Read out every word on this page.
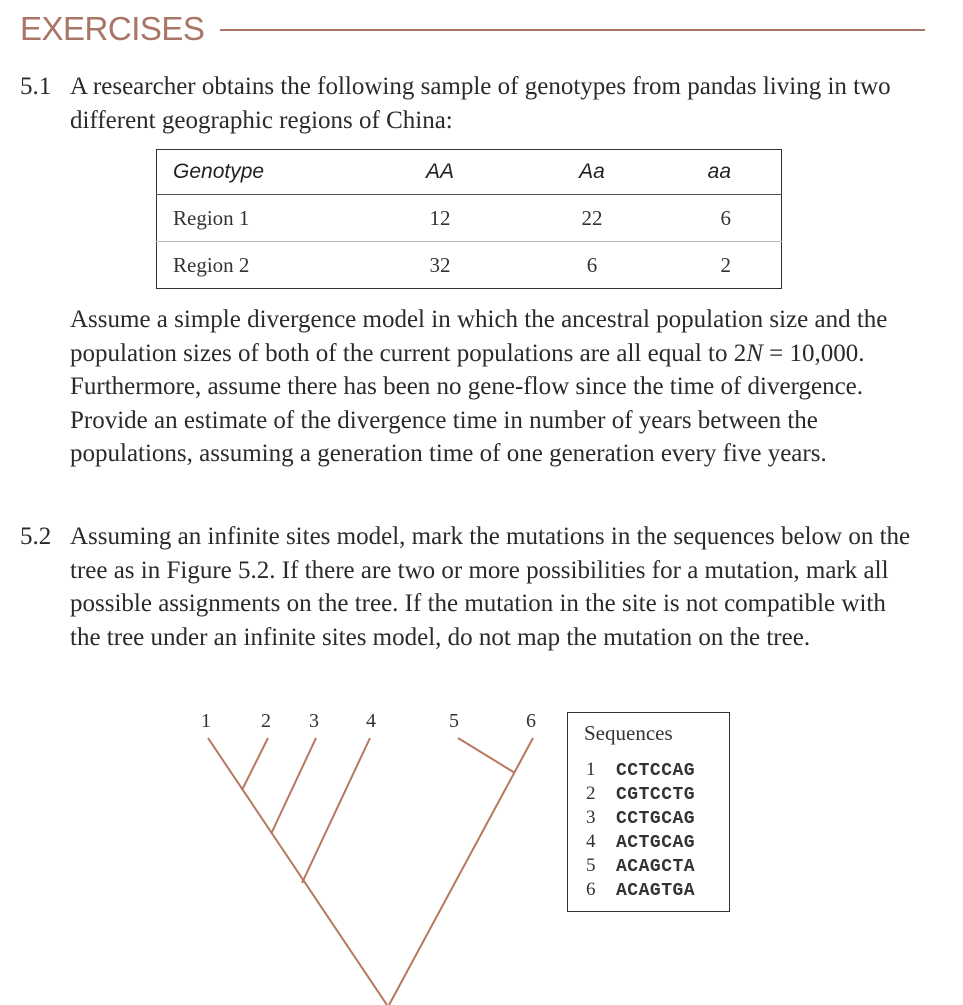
EXERCISES
5.1 A researcher obtains the following sample of genotypes from pandas living in two different geographic regions of China:
Genotype	AA	Aa	aa
Region 1	12	22	6
Region 2	32	6	2
Assume a simple divergence model in which the ancestral population size and the population sizes of both of the current populations are all equal to 2N = 10,000. Furthermore, assume there has been no gene-flow since the time of divergence. Provide an estimate of the divergence time in number of years between the populations, assuming a generation time of one generation every five years.
5.2 Assuming an infinite sites model, mark the mutations in the sequences below on the tree as in Figure 5.2. If there are two or more possibilities for a mutation, mark all possible assignments on the tree. If the mutation in the site is not compatible with the tree under an infinite sites model, do not map the mutation on the tree.
1	2 3 4	5	6 Sequences
1 CCTCCAG
2 CGTCCTG
3 CCTGCAG
4 ACTGCAG
5 ACAGCTA
6 ACAGTGA
